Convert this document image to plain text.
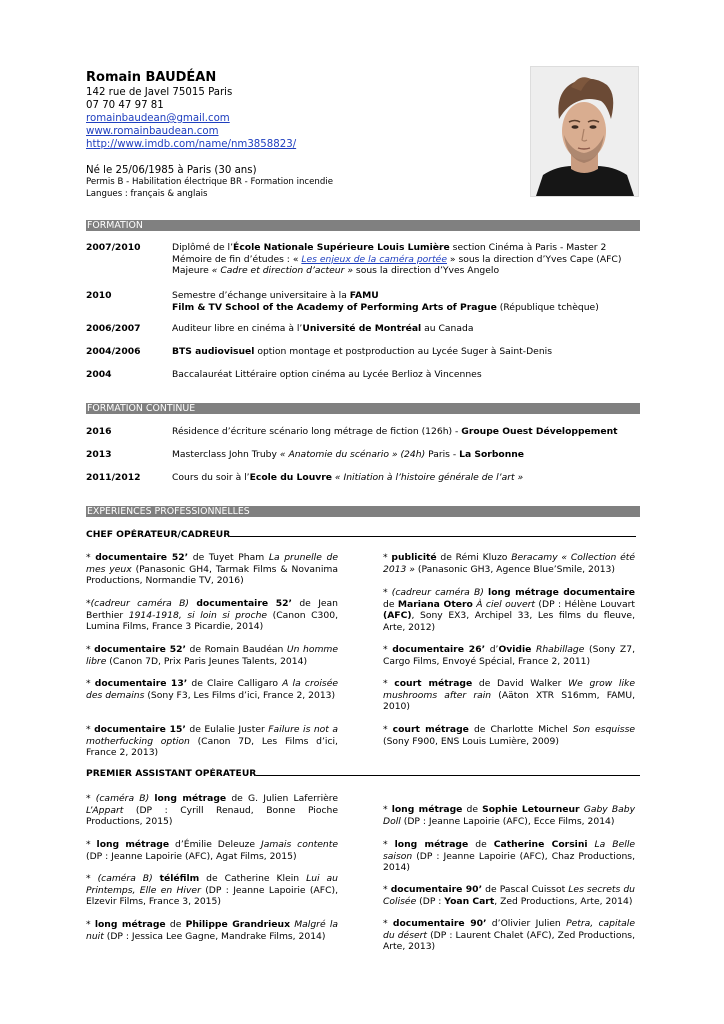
Romain BAUDÉAN
142 rue de Javel 75015 Paris
07 70 47 97 81
romainbaudean@gmail.com
www.romainbaudean.com
http://www.imdb.com/name/nm3858823/
Né le 25/06/1985 à Paris (30 ans)
Permis B - Habilitation électrique BR - Formation incendie
Langues : français & anglais
FORMATION
2007/2010	Diplômé de l’École Nationale Supérieure Louis Lumière section Cinéma à Paris - Master 2
Mémoire de fin d’études : « Les enjeux de la caméra portée » sous la direction d’Yves Cape (AFC)
Majeure « Cadre et direction d’acteur » sous la direction d’Yves Angelo
2010	Semestre d’échange universitaire à la FAMU
Film & TV School of the Academy of Performing Arts of Prague (République tchèque)
2006/2007	Auditeur libre en cinéma à l’Université de Montréal au Canada
2004/2006	BTS audiovisuel option montage et postproduction au Lycée Suger à Saint-Denis
2004	Baccalauréat Littéraire option cinéma au Lycée Berlioz à Vincennes
FORMATION CONTINUE
2016	Résidence d’écriture scénario long métrage de fiction (126h) - Groupe Ouest Développement
2013	Masterclass John Truby « Anatomie du scénario » (24h) Paris - La Sorbonne
2011/2012	Cours du soir à l’Ecole du Louvre « Initiation à l’histoire générale de l’art »
EXPÉRIENCES PROFESSIONNELLES
CHEF OPÉRATEUR/CADREUR

* documentaire 52’ de Tuyet Pham La prunelle de mes yeux (Panasonic GH4, Tarmak Films & Novanima Productions, Normandie TV, 2016)

*(cadreur caméra B) documentaire 52’ de Jean Berthier 1914-1918, si loin si proche (Canon C300, Lumina Films, France 3 Picardie, 2014)

* documentaire 52’ de Romain Baudéan Un homme libre (Canon 7D, Prix Paris Jeunes Talents, 2014)

* documentaire 13’ de Claire Calligaro A la croisée des demains (Sony F3, Les Films d’ici, France 2, 2013)

* documentaire 15’ de Eulalie Juster Failure is not a motherfucking option (Canon 7D, Les Films d’ici, France 2, 2013)

* publicité de Rémi Kluzo Beracamy « Collection été 2013 » (Panasonic GH3, Agence Blue’Smile, 2013)

* (cadreur caméra B) long métrage documentaire de Mariana Otero À ciel ouvert (DP : Hélène Louvart (AFC), Sony EX3, Archipel 33, Les films du fleuve, Arte, 2012)

* documentaire 26’ d’Ovidie Rhabillage (Sony Z7, Cargo Films, Envoyé Spécial, France 2, 2011)

* court métrage de David Walker We grow like mushrooms after rain (Aäton XTR S16mm, FAMU, 2010)

* court métrage de Charlotte Michel Son esquisse (Sony F900, ENS Louis Lumière, 2009)

PREMIER ASSISTANT OPÉRATEUR

* (caméra B) long métrage de G. Julien Laferrière L’Appart (DP : Cyrill Renaud, Bonne Pioche Productions, 2015)

* long métrage d’Émilie Deleuze Jamais contente (DP : Jeanne Lapoirie (AFC), Agat Films, 2015)

* (caméra B) téléfilm de Catherine Klein Lui au Printemps, Elle en Hiver (DP : Jeanne Lapoirie (AFC), Elzevir Films, France 3, 2015)

* long métrage de Philippe Grandrieux Malgré la nuit (DP : Jessica Lee Gagne, Mandrake Films, 2014)

* long métrage de Sophie Letourneur Gaby Baby Doll (DP : Jeanne Lapoirie (AFC), Ecce Films, 2014)

* long métrage de Catherine Corsini La Belle saison (DP : Jeanne Lapoirie (AFC), Chaz Productions, 2014)

* documentaire 90’ de Pascal Cuissot Les secrets du Colisée (DP : Yoan Cart, Zed Productions, Arte, 2014)

* documentaire 90’ d’Olivier Julien Petra, capitale du désert (DP : Laurent Chalet (AFC), Zed Productions, Arte, 2013)
